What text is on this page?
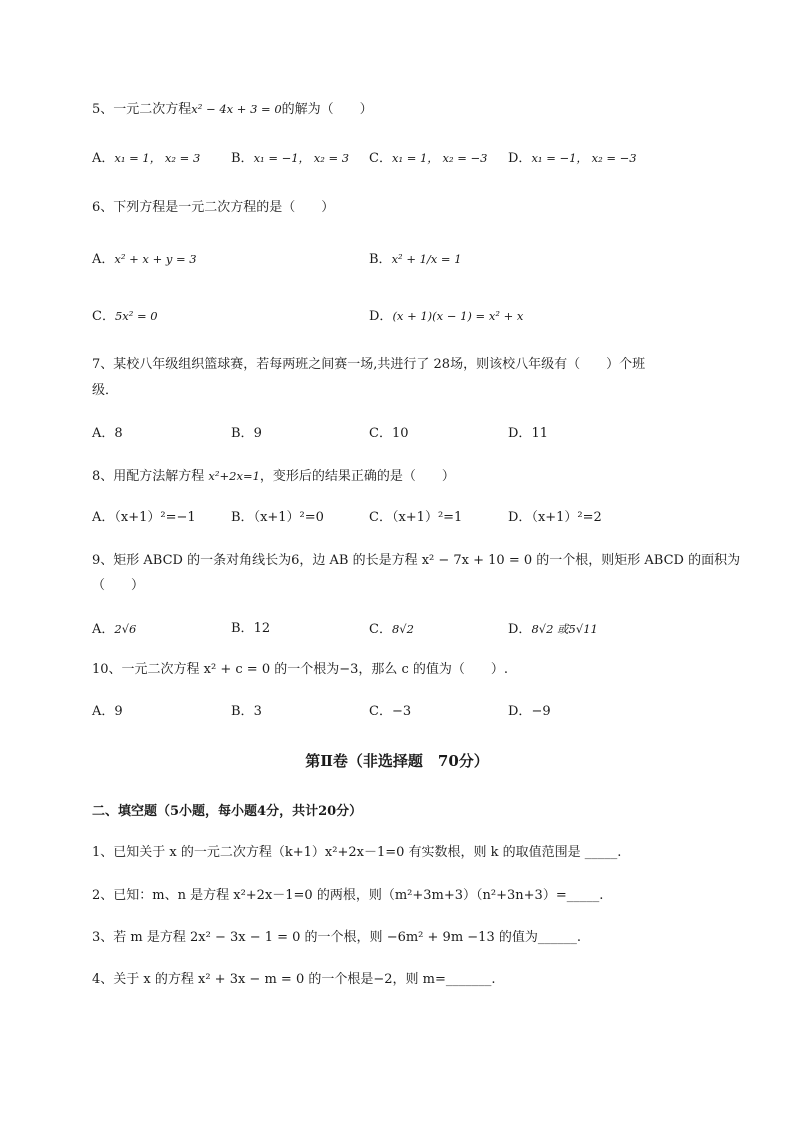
5、一元二次方程x² − 4x + 3 = 0的解为（　　）
A．x₁ = 1， x₂ = 3 B．x₁ = −1， x₂ = 3 C．x₁ = 1， x₂ = −3 D．x₁ = −1， x₂ = −3
6、下列方程是一元二次方程的是（　　）
A．x² + x + y = 3	B．x² + 1/x = 1
C．5x² = 0	D．(x + 1)(x − 1) = x² + x
7、某校八年级组织篮球赛，若每两班之间赛一场,共进行了 28场，则该校八年级有（　　）个班
级．
A．8	B．9	C．10	D．11
8、用配方法解方程 x²+2x=1，变形后的结果正确的是（　　）
A．（x+1）²=−1	B．（x+1）²=0	C．（x+1）²=1	D．（x+1）²=2
9、矩形 ABCD 的一条对角线长为6，边 AB 的长是方程 x² − 7x + 10 = 0 的一个根，则矩形 ABCD 的面积为
（　　）
A．2√6	B．12	C．8√2	D．8√2 或5√11
10、一元二次方程 x² + c = 0 的一个根为−3，那么 c 的值为（　　）.
A．9	B．3	C．−3	D．−9
第Ⅱ卷（非选择题　70分）
二、填空题（5小题，每小题4分，共计20分）
1、已知关于 x 的一元二次方程（k+1）x²+2x－1=0 有实数根，则 k 的取值范围是 _____.
2、已知：m、n 是方程 x²+2x－1=0 的两根，则（m²+3m+3）（n²+3n+3）=_____.
3、若 m 是方程 2x² − 3x − 1 = 0 的一个根，则 −6m² + 9m −13 的值为______.
4、关于 x 的方程 x² + 3x − m = 0 的一个根是−2，则 m=_______.
